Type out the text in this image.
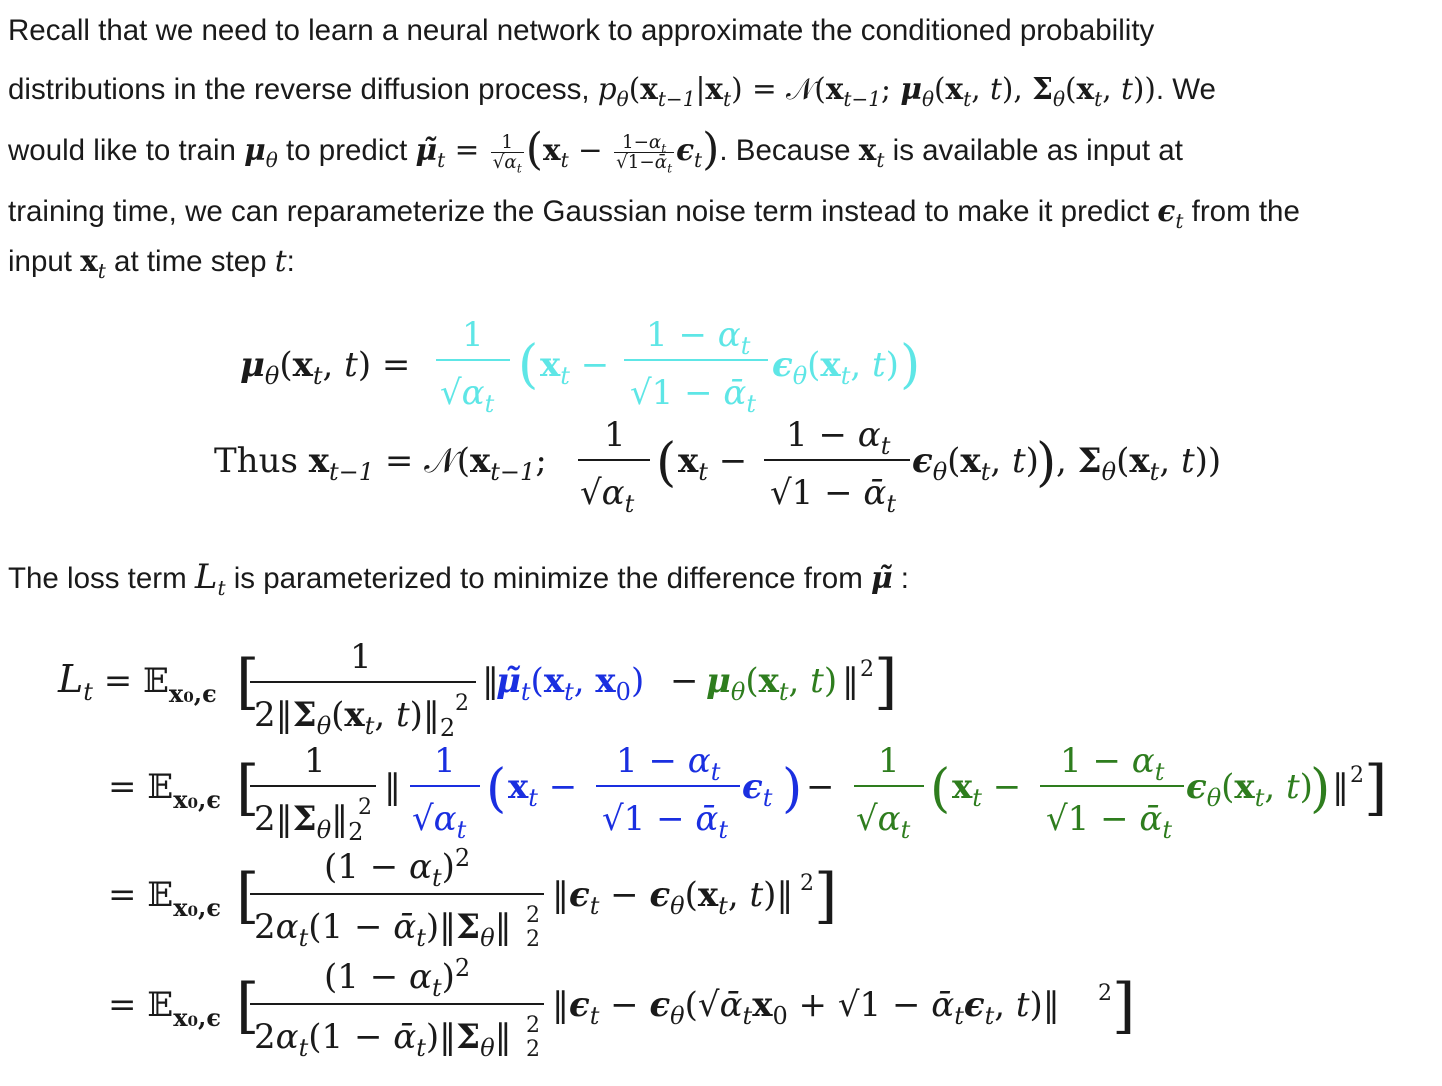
Recall that we need to learn a neural network to approximate the conditioned probability
distributions in the reverse diffusion process, $p_\theta(x_{t-1}|x_t)$ = $𝒩(x_{t-1}$; $\mu_\theta(x_t$, t), $\Sigma_\theta(x_t$, t)). We
would like to train $\mu_\theta$ to predict $\mũ_t = \frac{1}{√\alpha_t} (x_t - \frac{1-\alpha_t}{√1-ᾱ_t} \epsilon_t)$. Because $x_t$ is available as input at
training time, we can reparameterize the Gaussian noise term instead to make it predict $\epsilon_t$ from the
input $x_t$ at time step t:
$\mu_\theta(x_t$, t) =
1
$√\alpha_t$
( $x_t$ −
$1 - \alpha_t$
√1 − ᾱ$_t$
$\epsilon_\theta(x_t$, t) )
Thus $x_{t-1}$ = $𝒩(x_{t-1}$;
1
$√\alpha_t$
( $x_t$ −
$1 - \alpha_t$
√1 − ᾱ$_t$
$\epsilon_\theta(x_t$, t)
) , $\Sigma_\theta(x_t$, t))
The loss term $L_t$ is parameterized to minimize the difference from μ̃ :
$L_t$ = 𝔼$_{x_0,\epsilon}$ [	1
$2‖\Sigma_\theta(x_t$, $t)‖_2$
2
‖
$\mũ_t(x_t$, $x_0) - \mu_\theta(x_t$, t) ‖ 2 ]
= 𝔼$_{x_0,\epsilon}$ [ 1
$2‖\Sigma_\theta‖_2$
2
‖
1
$√\alpha_t$
( $x_t$ −
$1 - \alpha_t$
√1 − ᾱ$_t$
$\epsilon_t$ ) −
1
$√\alpha_t$
( $x_t$ −
$1 - \alpha_t$
√1 − ᾱ$_t$
$\epsilon_\theta(x_t$, t)
) ‖ 2 ]
= 𝔼$_{x_0,\epsilon}$ [ $(1 - \alpha_t)^2$
$2\alpha_t(1$ − $ᾱ_t)‖\Sigma_\theta‖$ 2
2
$‖\epsilon_t - \epsilon_\theta(x_t$, t)‖ 2 ]
= 𝔼$_{x_0,\epsilon}$ [ $(1 - \alpha_t)^2$
$2\alpha_t(1$ − $ᾱ_t)‖\Sigma_\theta‖$ 2
2
$‖\epsilon_t$ − $\epsilon_\theta(√ᾱ_tx_0 + √1$ − $ᾱ_t\epsilon_t$, t)‖ 2 ]
